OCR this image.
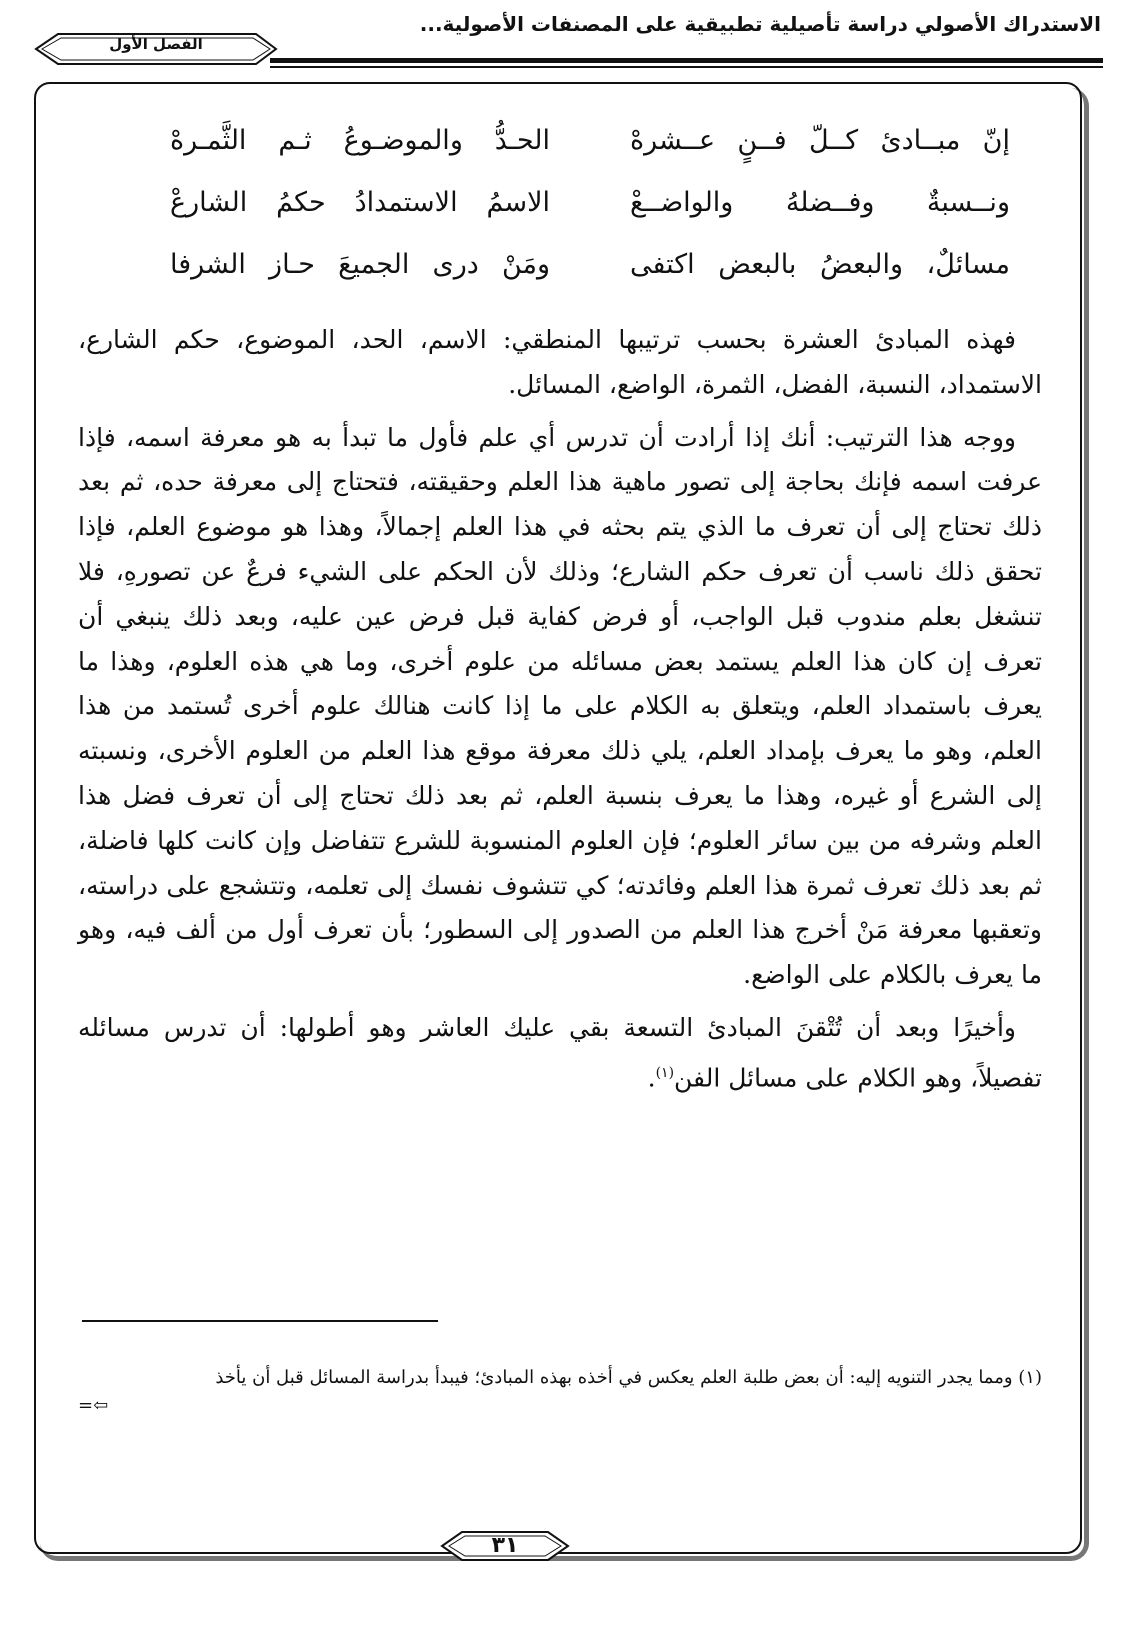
الاستدراك الأصولي دراسة تأصيلية تطبيقية على المصنفات الأصولية...
الفصل الأول
إنّ مبــادئ كــلّ فــنٍ عــشرهْ
الحـدُّ والموضـوعُ ثـم الثَّمـرهْ
ونــسبةٌ وفــضلهُ والواضــعْ
الاسمُ الاستمدادُ حكمُ الشارعْ
مسائلٌ، والبعضُ بالبعض اكتفى
ومَنْ درى الجميعَ حـاز الشرفا

فهذه المبادئ العشرة بحسب ترتيبها المنطقي: الاسم، الحد، الموضوع، حكم الشارع، الاستمداد، النسبة، الفضل، الثمرة، الواضع، المسائل.

ووجه هذا الترتيب: أنك إذا أرادت أن تدرس أي علم فأول ما تبدأ به هو معرفة اسمه، فإذا عرفت اسمه فإنك بحاجة إلى تصور ماهية هذا العلم وحقيقته، فتحتاج إلى معرفة حده، ثم بعد ذلك تحتاج إلى أن تعرف ما الذي يتم بحثه في هذا العلم إجمالاً، وهذا هو موضوع العلم، فإذا تحقق ذلك ناسب أن تعرف حكم الشارع؛ وذلك لأن الحكم على الشيء فرعٌ عن تصورهِ، فلا تنشغل بعلم مندوب قبل الواجب، أو فرض كفاية قبل فرض عين عليه، وبعد ذلك ينبغي أن تعرف إن كان هذا العلم يستمد بعض مسائله من علوم أخرى، وما هي هذه العلوم، وهذا ما يعرف باستمداد العلم، ويتعلق به الكلام على ما إذا كانت هنالك علوم أخرى تُستمد من هذا العلم، وهو ما يعرف بإمداد العلم، يلي ذلك معرفة موقع هذا العلم من العلوم الأخرى، ونسبته إلى الشرع أو غيره، وهذا ما يعرف بنسبة العلم، ثم بعد ذلك تحتاج إلى أن تعرف فضل هذا العلم وشرفه من بين سائر العلوم؛ فإن العلوم المنسوبة للشرع تتفاضل وإن كانت كلها فاضلة، ثم بعد ذلك تعرف ثمرة هذا العلم وفائدته؛ كي تتشوف نفسك إلى تعلمه، وتتشجع على دراسته، وتعقبها معرفة مَنْ أخرج هذا العلم من الصدور إلى السطور؛ بأن تعرف أول من ألف فيه، وهو ما يعرف بالكلام على الواضع.

وأخيرًا وبعد أن تُتْقنَ المبادئ التسعة بقي عليك العاشر وهو أطولها: أن تدرس مسائله تفصيلاً، وهو الكلام على مسائل الفن$^{(١)}$.

(١) ومما يجدر التنويه إليه: أن بعض طلبة العلم يعكس في أخذه بهذه المبادئ؛ فيبدأ بدراسة المسائل قبل أن يأخذ
⇦=
٣١
